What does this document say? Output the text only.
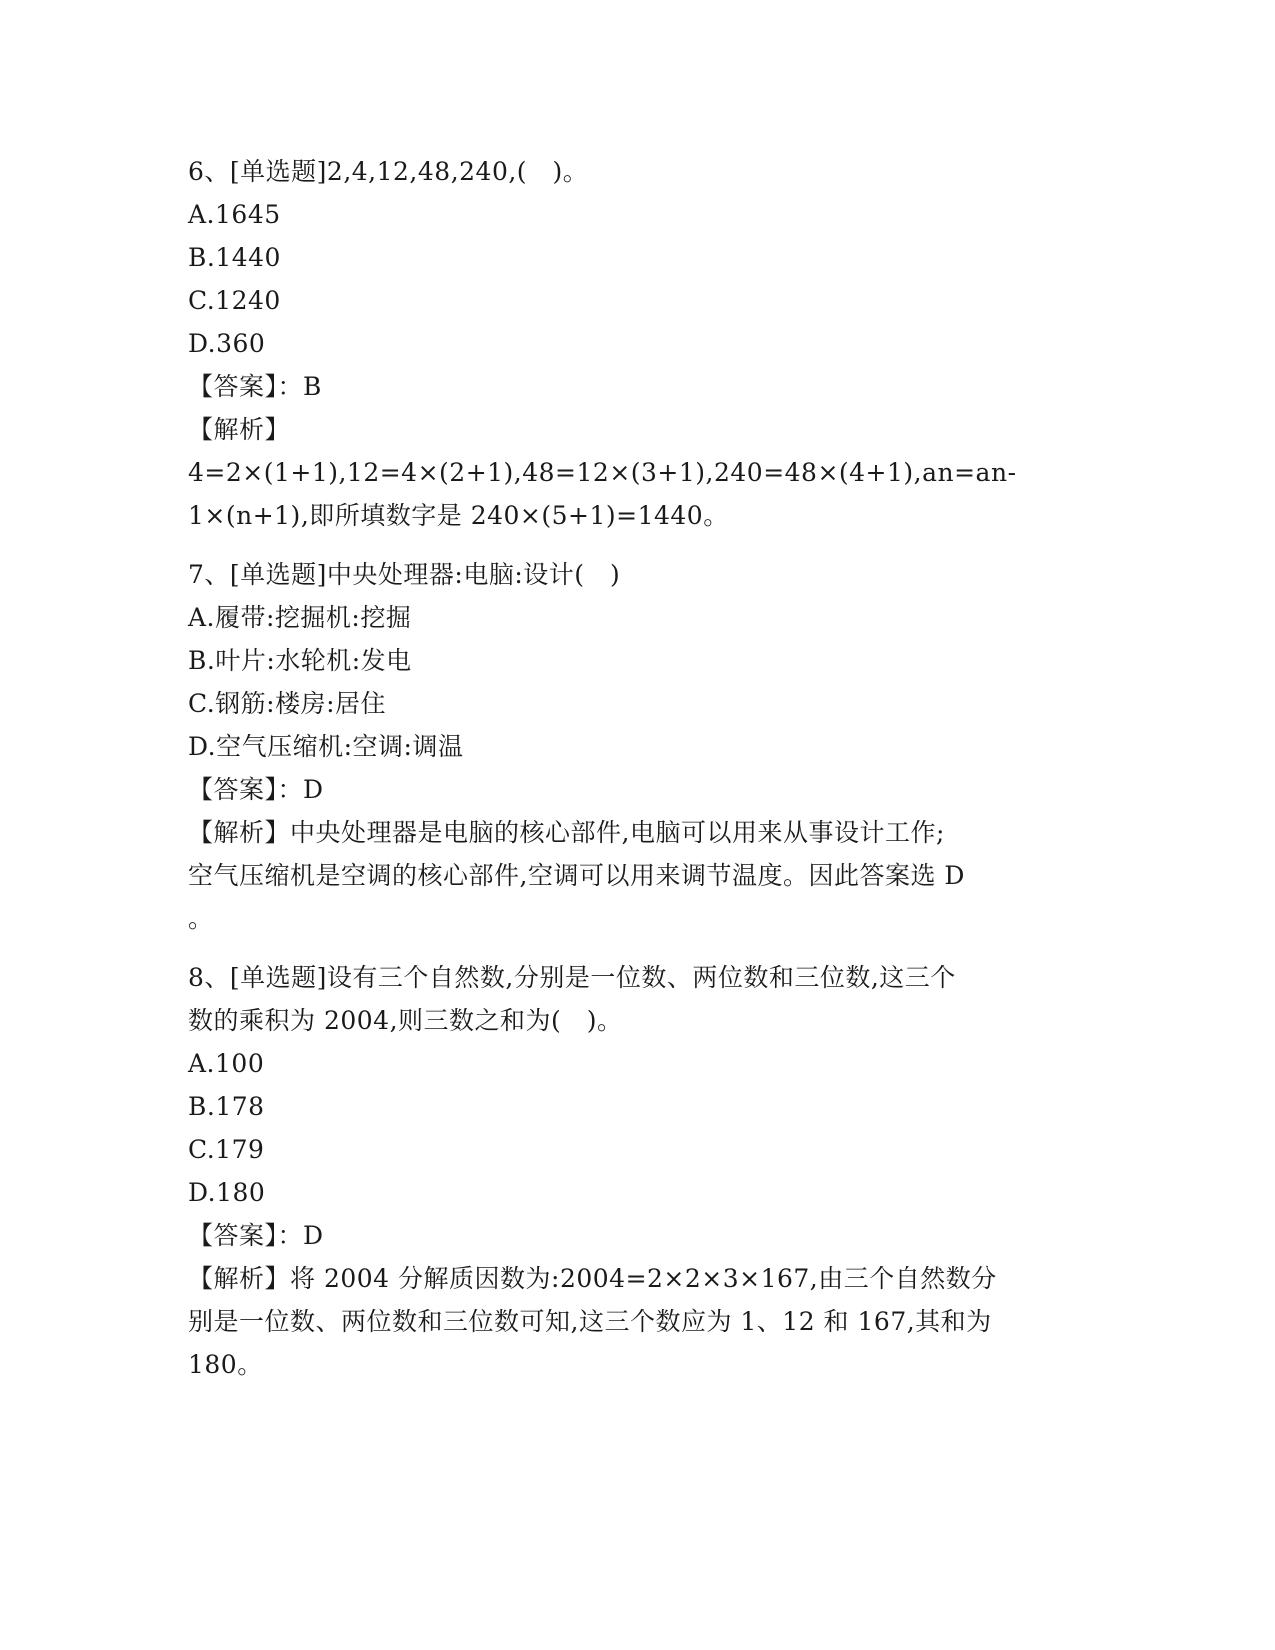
6、[单选题]2,4,12,48,240,(　)。
A.1645
B.1440
C.1240
D.360
【答案】：B
【解析】
4=2×(1+1),12=4×(2+1),48=12×(3+1),240=48×(4+1),an=an-
1×(n+1),即所填数字是 240×(5+1)=1440。
7、[单选题]中央处理器:电脑:设计(　)
A.履带:挖掘机:挖掘
B.叶片:水轮机:发电
C.钢筋:楼房:居住
D.空气压缩机:空调:调温
【答案】：D
【解析】中央处理器是电脑的核心部件,电脑可以用来从事设计工作;
空气压缩机是空调的核心部件,空调可以用来调节温度。因此答案选 D
。
8、[单选题]设有三个自然数,分别是一位数、两位数和三位数,这三个
数的乘积为 2004,则三数之和为(　)。
A.100
B.178
C.179
D.180
【答案】：D
【解析】将 2004 分解质因数为:2004=2×2×3×167,由三个自然数分
别是一位数、两位数和三位数可知,这三个数应为 1、12 和 167,其和为
180。
